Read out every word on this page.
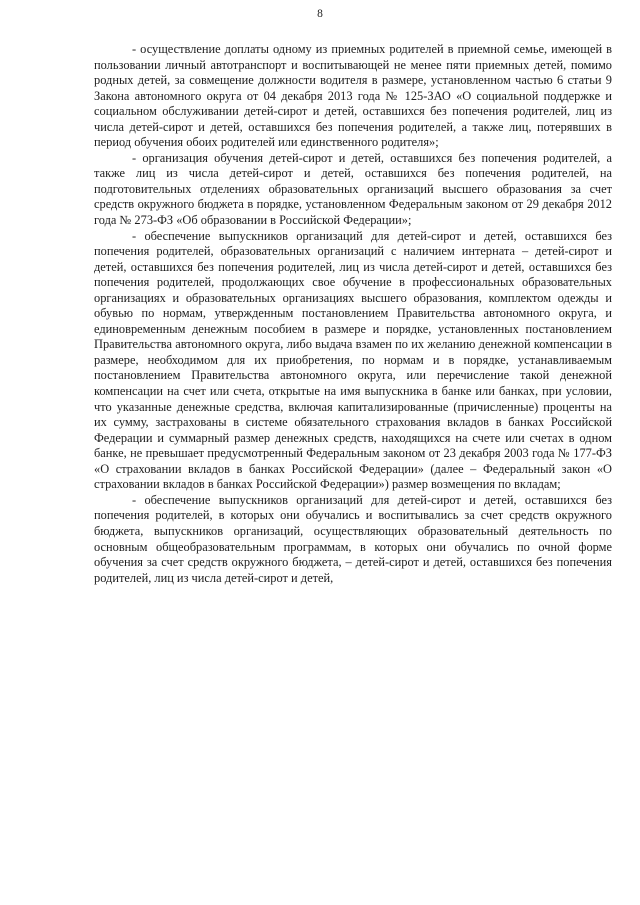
8

- осуществление доплаты одному из приемных родителей в приемной семье, имеющей в пользовании личный автотранспорт и воспитывающей не менее пяти приемных детей, помимо родных детей, за совмещение должности водителя в размере, установленном частью 6 статьи 9 Закона автономного округа от 04 декабря 2013 года № 125-ЗАО «О социальной поддержке и социальном обслуживании детей-сирот и детей, оставшихся без попечения родителей, лиц из числа детей-сирот и детей, оставшихся без попечения родителей, а также лиц, потерявших в период обучения обоих родителей или единственного родителя»;

- организация обучения детей-сирот и детей, оставшихся без попечения родителей, а также лиц из числа детей-сирот и детей, оставшихся без попечения родителей, на подготовительных отделениях образовательных организаций высшего образования за счет средств окружного бюджета в порядке, установленном Федеральным законом от 29 декабря 2012 года № 273-ФЗ «Об образовании в Российской Федерации»;

- обеспечение выпускников организаций для детей-сирот и детей, оставшихся без попечения родителей, образовательных организаций с наличием интерната – детей-сирот и детей, оставшихся без попечения родителей, лиц из числа детей-сирот и детей, оставшихся без попечения родителей, продолжающих свое обучение в профессиональных образовательных организациях и образовательных организациях высшего образования, комплектом одежды и обувью по нормам, утвержденным постановлением Правительства автономного округа, и единовременным денежным пособием в размере и порядке, установленных постановлением Правительства автономного округа, либо выдача взамен по их желанию денежной компенсации в размере, необходимом для их приобретения, по нормам и в порядке, устанавливаемым постановлением Правительства автономного округа, или перечисление такой денежной компенсации на счет или счета, открытые на имя выпускника в банке или банках, при условии, что указанные денежные средства, включая капитализированные (причисленные) проценты на их сумму, застрахованы в системе обязательного страхования вкладов в банках Российской Федерации и суммарный размер денежных средств, находящихся на счете или счетах в одном банке, не превышает предусмотренный Федеральным законом от 23 декабря 2003 года № 177-ФЗ «О страховании вкладов в банках Российской Федерации» (далее – Федеральный закон «О страховании вкладов в банках Российской Федерации») размер возмещения по вкладам;

- обеспечение выпускников организаций для детей-сирот и детей, оставшихся без попечения родителей, в которых они обучались и воспитывались за счет средств окружного бюджета, выпускников организаций, осуществляющих образовательный деятельность по основным общеобразовательным программам, в которых они обучались по очной форме обучения за счет средств окружного бюджета, – детей-сирот и детей, оставшихся без попечения родителей, лиц из числа детей-сирот и детей,
